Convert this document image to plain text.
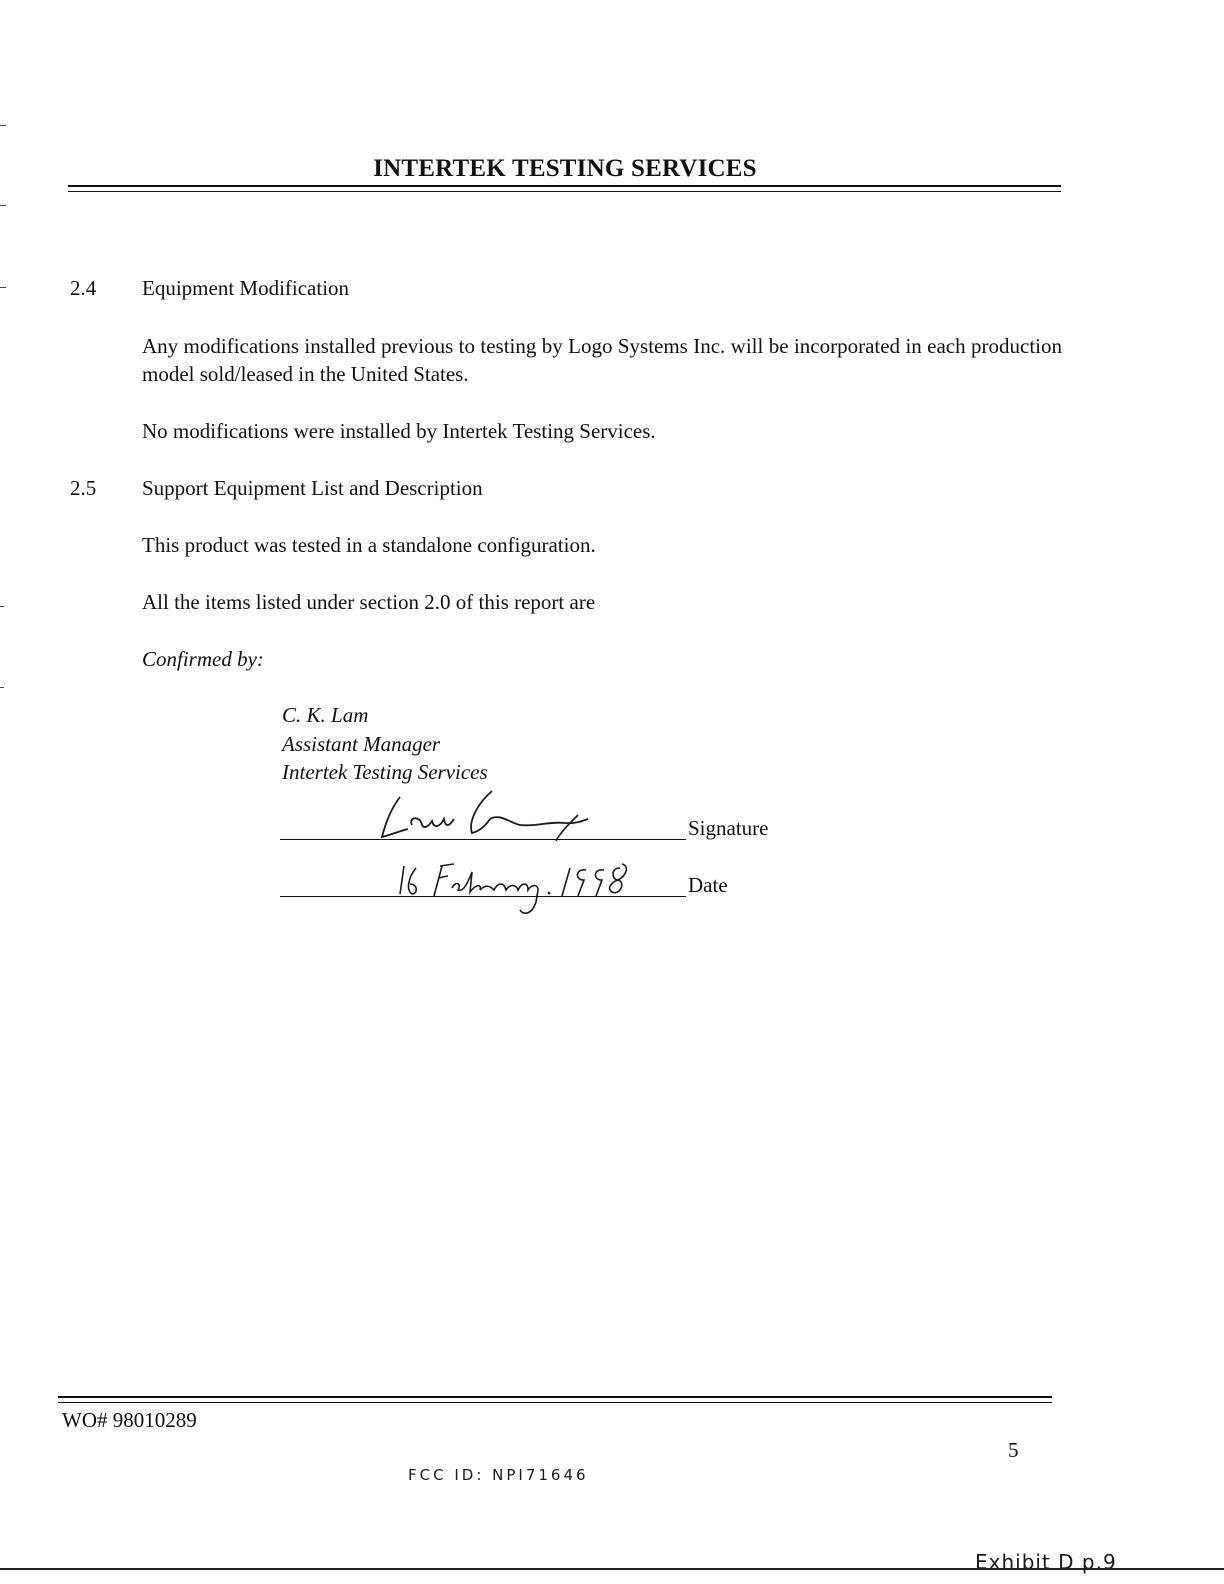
INTERTEK TESTING SERVICES
2.4 Equipment Modification
Any modifications installed previous to testing by Logo Systems Inc. will be incorporated in each production model sold/leased in the United States.
No modifications were installed by Intertek Testing Services.
2.5 Support Equipment List and Description
This product was tested in a standalone configuration.
All the items listed under section 2.0 of this report are
Confirmed by:
C. K. Lam
Assistant Manager
Intertek Testing Services
Signature
Date
WO# 98010289
5
FCC ID: NPI71646
Exhibit D p.9
